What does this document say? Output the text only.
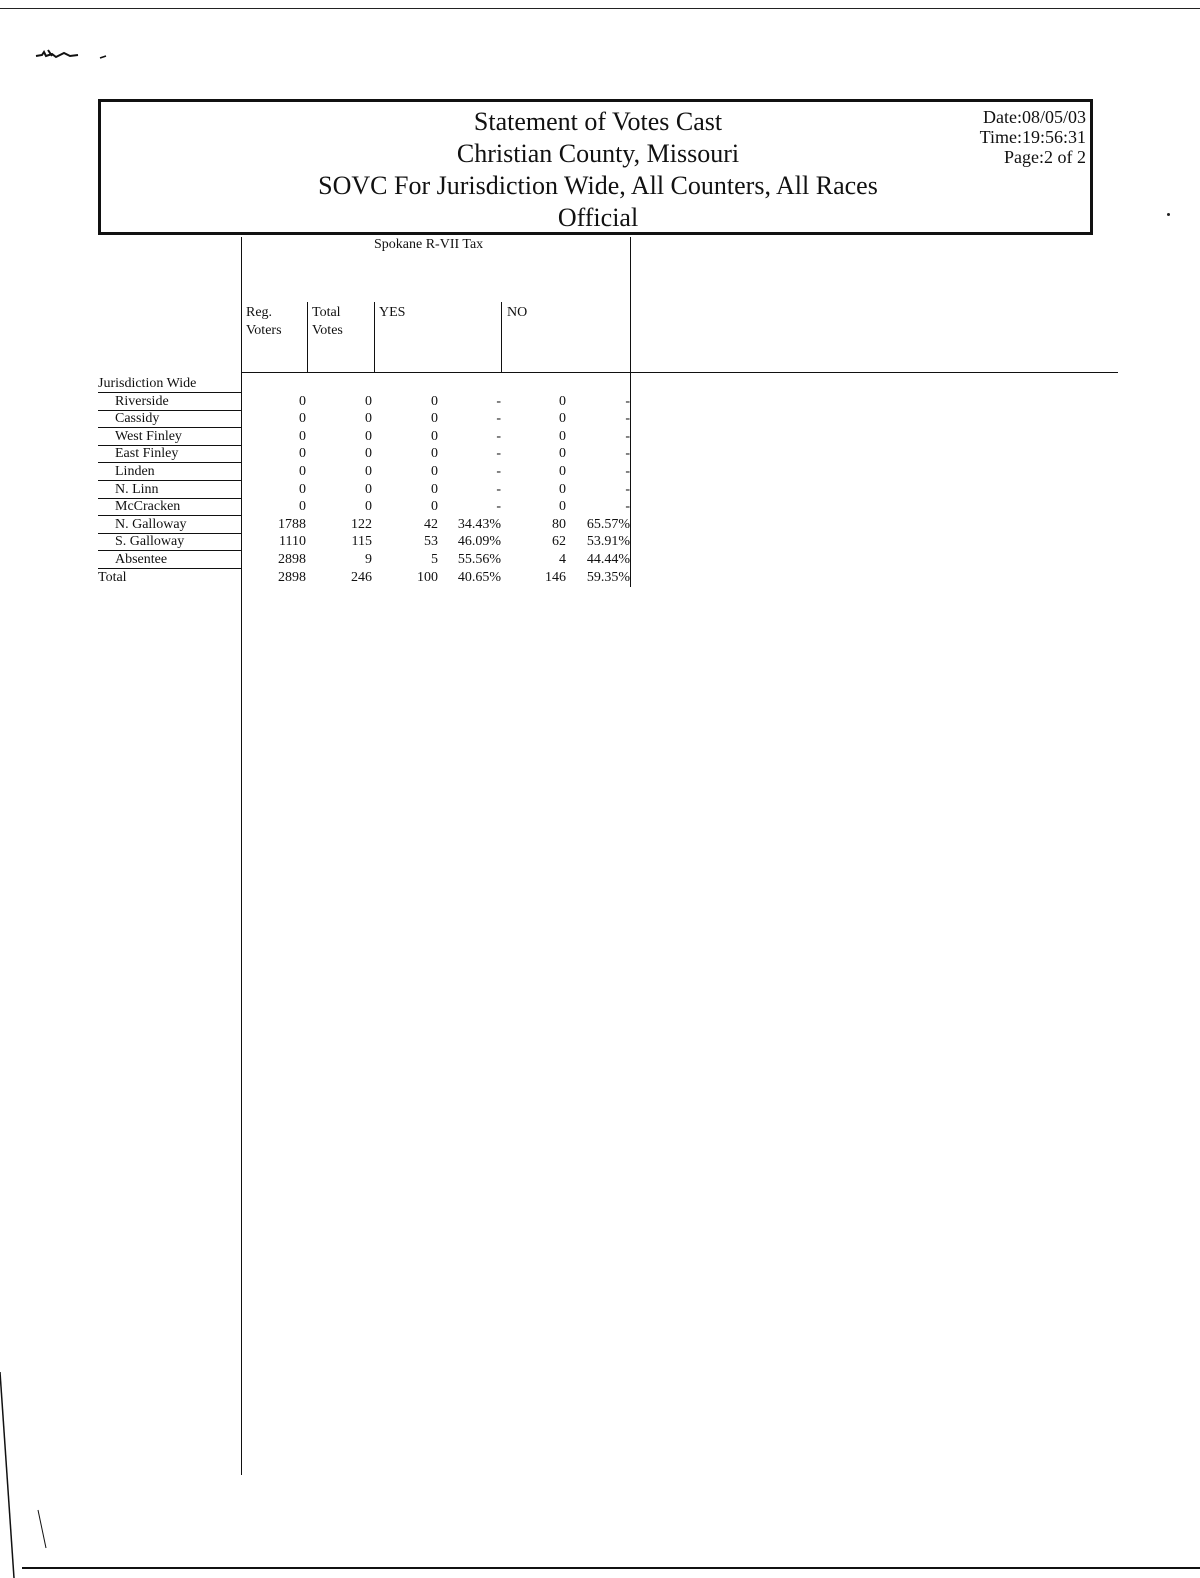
Statement of Votes Cast
Christian County, Missouri
SOVC For Jurisdiction Wide, All Counters, All Races
Official
Date:08/05/03
Time:19:56:31
Page:2 of 2
Spokane R-VII Tax
Reg.
Voters
Total
Votes
YES	NO
Jurisdiction Wide
Riverside	0	0	0	-	0	-
Cassidy	0	0	0	-	0	-
West Finley	0	0	0	-	0	-
East Finley	0	0	0	-	0	-
Linden	0	0	0	-	0	-
N. Linn	0	0	0	-	0	-
McCracken	0	0	0	-	0	-
N. Galloway	1788	122	42	34.43%	80	65.57%
S. Galloway	1110	115	53	46.09%	62	53.91%
Absentee	2898	9	5	55.56%	4	44.44%
Total	2898	246	100	40.65%	146	59.35%
